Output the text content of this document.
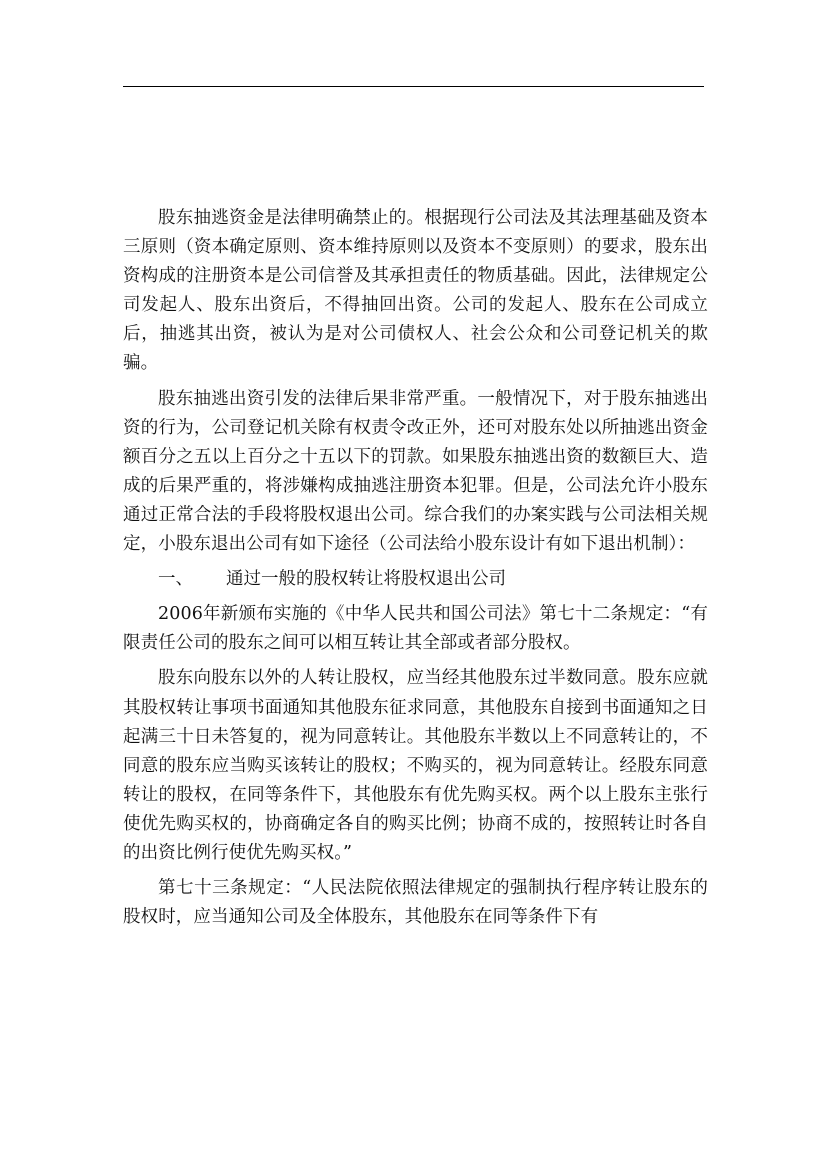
股东抽逃资金是法律明确禁止的。根据现行公司法及其法理基础及资本三原则（资本确定原则、资本维持原则以及资本不变原则）的要求，股东出资构成的注册资本是公司信誉及其承担责任的物质基础。因此，法律规定公司发起人、股东出资后，不得抽回出资。公司的发起人、股东在公司成立后，抽逃其出资，被认为是对公司债权人、社会公众和公司登记机关的欺骗。

股东抽逃出资引发的法律后果非常严重。一般情况下，对于股东抽逃出资的行为，公司登记机关除有权责令改正外，还可对股东处以所抽逃出资金额百分之五以上百分之十五以下的罚款。如果股东抽逃出资的数额巨大、造成的后果严重的，将涉嫌构成抽逃注册资本犯罪。但是，公司法允许小股东通过正常合法的手段将股权退出公司。综合我们的办案实践与公司法相关规定，小股东退出公司有如下途径（公司法给小股东设计有如下退出机制）：

一、 通过一般的股权转让将股权退出公司

2006年新颁布实施的《中华人民共和国公司法》第七十二条规定：“有限责任公司的股东之间可以相互转让其全部或者部分股权。

股东向股东以外的人转让股权，应当经其他股东过半数同意。股东应就其股权转让事项书面通知其他股东征求同意，其他股东自接到书面通知之日起满三十日未答复的，视为同意转让。其他股东半数以上不同意转让的，不同意的股东应当购买该转让的股权；不购买的，视为同意转让。经股东同意转让的股权，在同等条件下，其他股东有优先购买权。两个以上股东主张行使优先购买权的，协商确定各自的购买比例；协商不成的，按照转让时各自的出资比例行使优先购买权。”

第七十三条规定：“人民法院依照法律规定的强制执行程序转让股东的股权时，应当通知公司及全体股东，其他股东在同等条件下有
